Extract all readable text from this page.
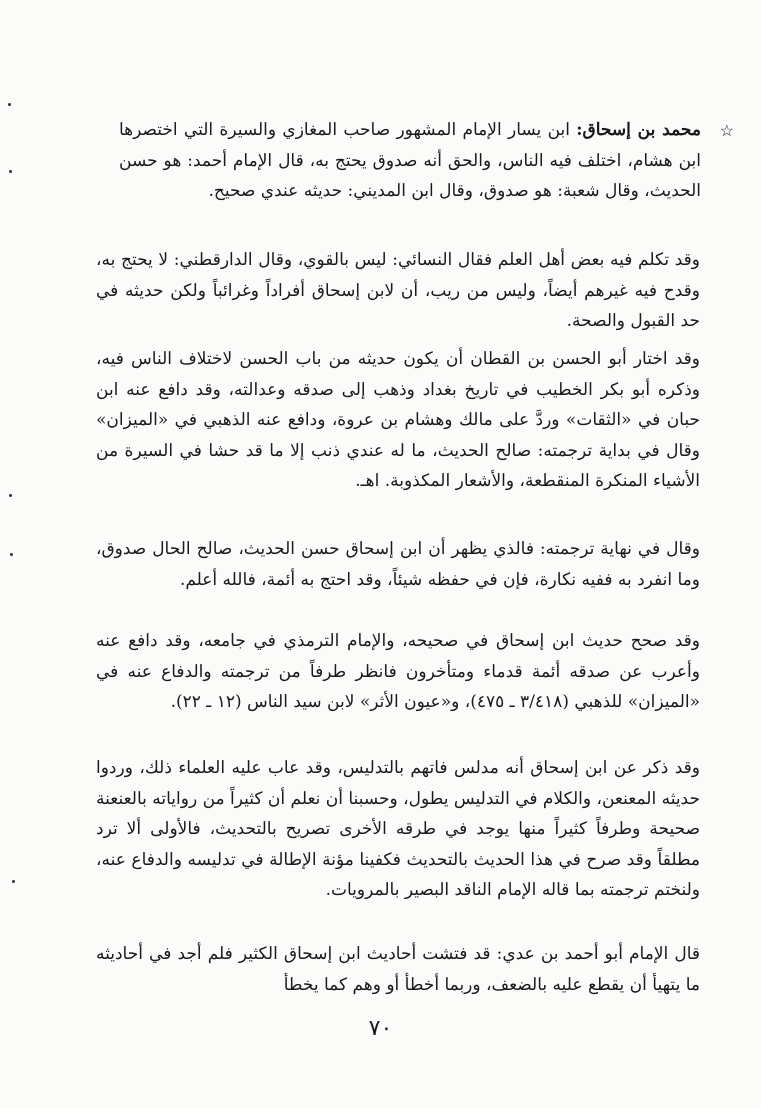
☆

محمد بن إسحاق: ابن يسار الإمام المشهور صاحب المغازي والسيرة التي اختصرها ابن هشام، اختلف فيه الناس، والحق أنه صدوق يحتج به، قال الإمام أحمد: هو حسن الحديث، وقال شعبة: هو صدوق، وقال ابن المديني: حديثه عندي صحيح.

وقد تكلم فيه بعض أهل العلم فقال النسائي: ليس بالقوي، وقال الدارقطني: لا يحتج به، وقدح فيه غيرهم أيضاً، وليس من ريب، أن لابن إسحاق أفراداً وغرائباً ولكن حديثه في حد القبول والصحة.

وقد اختار أبو الحسن بن القطان أن يكون حديثه من باب الحسن لاختلاف الناس فيه، وذكره أبو بكر الخطيب في تاريخ بغداد وذهب إلى صدقه وعدالته، وقد دافع عنه ابن حبان في «الثقات» وردَّ على مالك وهشام بن عروة، ودافع عنه الذهبي في «الميزان» وقال في بداية ترجمته: صالح الحديث، ما له عندي ذنب إلا ما قد حشا في السيرة من الأشياء المنكرة المنقطعة، والأشعار المكذوبة. اهـ.

وقال في نهاية ترجمته: فالذي يظهر أن ابن إسحاق حسن الحديث، صالح الحال صدوق، وما انفرد به ففيه نكارة، فإن في حفظه شيئاً، وقد احتج به أئمة، فالله أعلم.

وقد صحح حديث ابن إسحاق في صحيحه، والإمام الترمذي في جامعه، وقد دافع عنه وأعرب عن صدقه أئمة قدماء ومتأخرون فانظر طرفاً من ترجمته والدفاع عنه في «الميزان» للذهبي (٣/٤١٨ ـ ٤٧٥)، و«عيون الأثر» لابن سيد الناس (١٢ ـ ٢٢).

وقد ذكر عن ابن إسحاق أنه مدلس فاتهم بالتدليس، وقد عاب عليه العلماء ذلك، وردوا حديثه المعنعن، والكلام في التدليس يطول، وحسبنا أن نعلم أن كثيراً من رواياته بالعنعنة صحيحة وطرفاً كثيراً منها يوجد في طرقه الأخرى تصريح بالتحديث، فالأولى ألا ترد مطلقاً وقد صرح في هذا الحديث بالتحديث فكفينا مؤنة الإطالة في تدليسه والدفاع عنه، ولنختم ترجمته بما قاله الإمام الناقد البصير بالمرويات.

قال الإمام أبو أحمد بن عدي: قد فتشت أحاديث ابن إسحاق الكثير فلم أجد في أحاديثه ما يتهيأ أن يقطع عليه بالضعف، وربما أخطأ أو وهم كما يخطأ

٧٠
